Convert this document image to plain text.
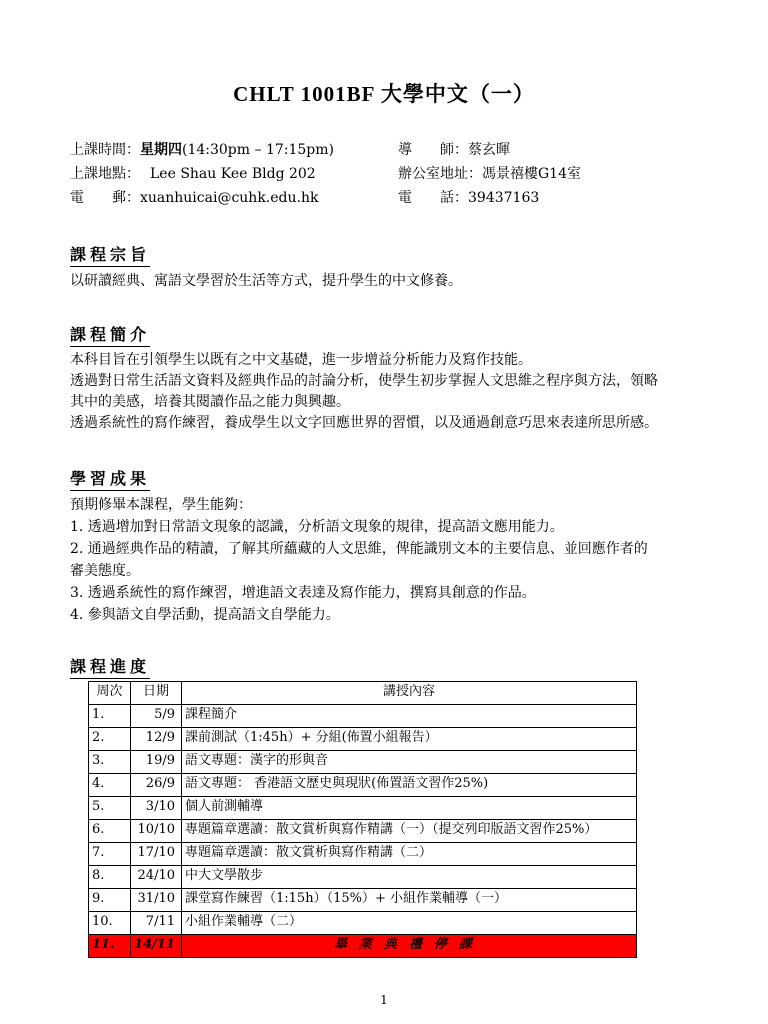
CHLT 1001BF 大學中文（一）
上課時間：星期四(14:30pm – 17:15pm)
上課地點： Lee Shau Kee Bldg 202
電　　郵：xuanhuicai@cuhk.edu.hk
導　　師：蔡玄暉
辦公室地址：馮景禧樓G14室
電　　話：39437163
課程宗旨
以研讀經典、寓語文學習於生活等方式，提升學生的中文修養。
課程簡介
本科目旨在引領學生以既有之中文基礎，進一步增益分析能力及寫作技能。
透過對日常生活語文資料及經典作品的討論分析，使學生初步掌握人文思維之程序與方法，領略
其中的美感，培養其閱讀作品之能力與興趣。
透過系統性的寫作練習，養成學生以文字回應世界的習慣，以及通過創意巧思來表達所思所感。
學習成果
預期修畢本課程，學生能夠：
1. 透過增加對日常語文現象的認識，分析語文現象的規律，提高語文應用能力。
2. 通過經典作品的精讀，了解其所蘊藏的人文思維，俾能識別文本的主要信息、並回應作者的
審美態度。
3. 透過系統性的寫作練習，增進語文表達及寫作能力，撰寫具創意的作品。
4. 參與語文自學活動，提高語文自學能力。
課程進度
周次	日期	講授內容
1.	5/9	課程簡介
2.	12/9	課前測試（1:45h）+ 分組(佈置小組報告）
3.	19/9	語文專題：漢字的形與音
4.	26/9	語文專題： 香港語文歷史與現狀(佈置語文習作25%)
5.	3/10	個人前測輔導
6.	10/10	專題篇章選讀：散文賞析與寫作精講（一）（提交列印版語文習作25%）
7.	17/10	專題篇章選讀：散文賞析與寫作精講（二）
8.	24/10	中大文學散步
9.	31/10	課堂寫作練習（1:15h）（15%）+ 小組作業輔導（一）
10.	7/11	小組作業輔導（二）
11.	14/11	畢業典禮停課
1
